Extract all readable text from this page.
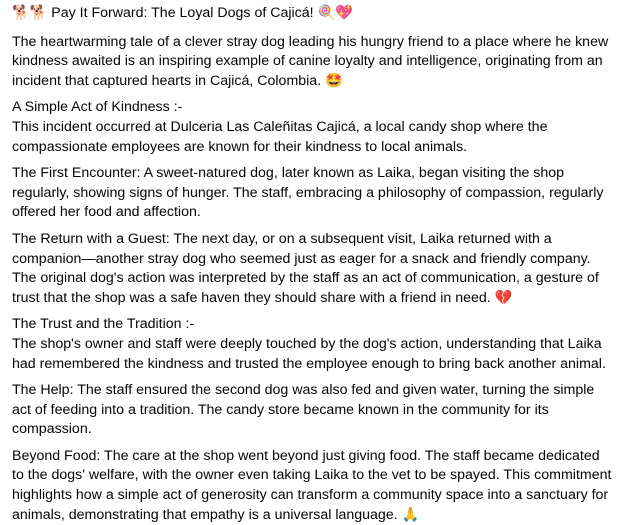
🐕🐕 Pay It Forward: The Loyal Dogs of Cajicá! 🍭💖

The heartwarming tale of a clever stray dog leading his hungry friend to a place where he knew kindness awaited is an inspiring example of canine loyalty and intelligence, originating from an incident that captured hearts in Cajicá, Colombia. 🤩

A Simple Act of Kindness :-
This incident occurred at Dulceria Las Caleñitas Cajicá, a local candy shop where the compassionate employees are known for their kindness to local animals.

The First Encounter: A sweet-natured dog, later known as Laika, began visiting the shop regularly, showing signs of hunger. The staff, embracing a philosophy of compassion, regularly offered her food and affection.

The Return with a Guest: The next day, or on a subsequent visit, Laika returned with a companion—another stray dog who seemed just as eager for a snack and friendly company. The original dog's action was interpreted by the staff as an act of communication, a gesture of trust that the shop was a safe haven they should share with a friend in need. 💔

The Trust and the Tradition :-
The shop's owner and staff were deeply touched by the dog's action, understanding that Laika had remembered the kindness and trusted the employee enough to bring back another animal.

The Help: The staff ensured the second dog was also fed and given water, turning the simple act of feeding into a tradition. The candy store became known in the community for its compassion.

Beyond Food: The care at the shop went beyond just giving food. The staff became dedicated to the dogs' welfare, with the owner even taking Laika to the vet to be spayed. This commitment highlights how a simple act of generosity can transform a community space into a sanctuary for animals, demonstrating that empathy is a universal language. 🙏
